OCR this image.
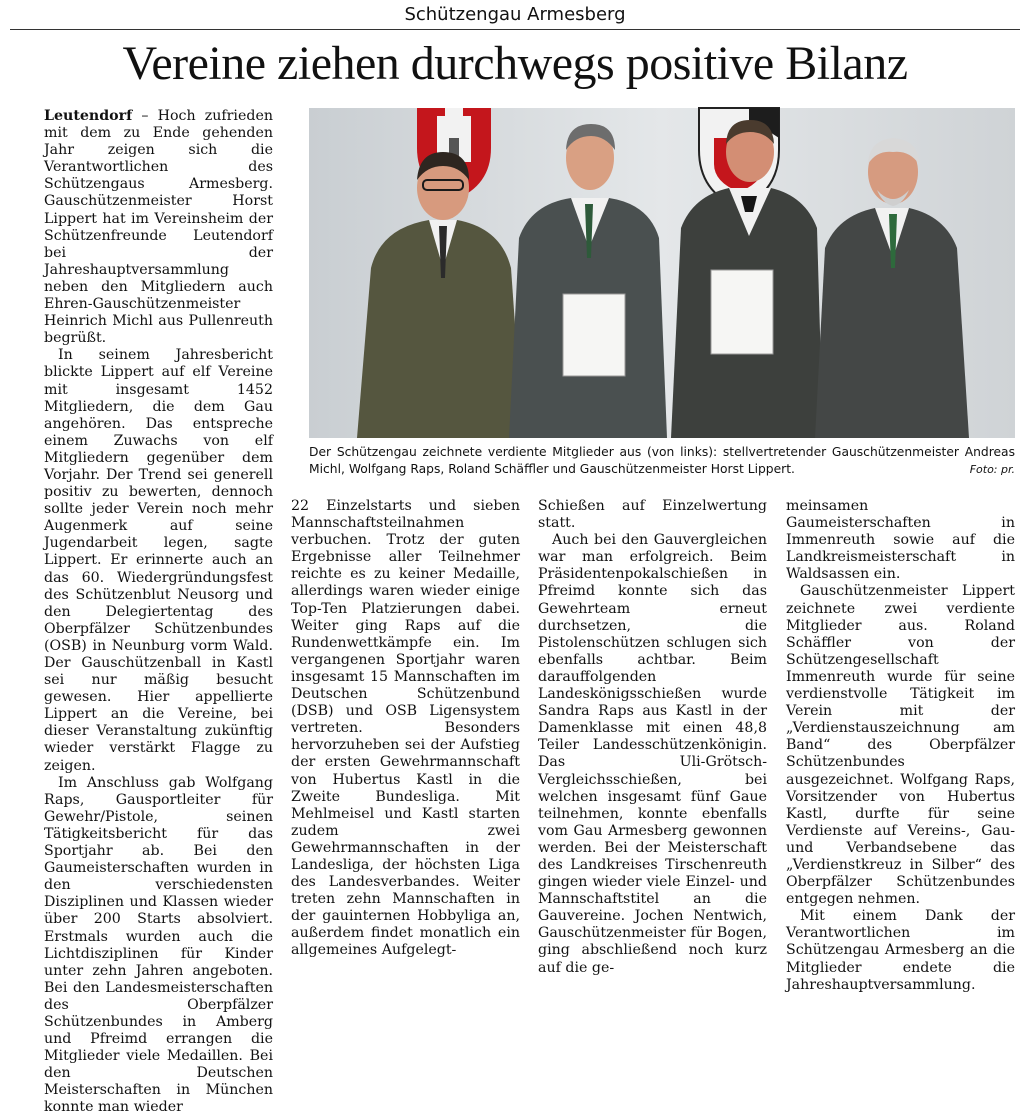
Schützengau Armesberg
Vereine ziehen durchwegs positive Bilanz

Leutendorf – Hoch zufrieden mit dem zu Ende gehenden Jahr zeigen sich die Verantwortlichen des Schützengaus Armesberg. Gauschützenmeister Horst Lippert hat im Vereinsheim der Schützenfreunde Leutendorf bei der Jahreshauptversammlung neben den Mitgliedern auch Ehren-Gauschützenmeister Heinrich Michl aus Pullenreuth begrüßt.

In seinem Jahresbericht blickte Lippert auf elf Vereine mit insgesamt 1452 Mitgliedern, die dem Gau angehören. Das entspreche einem Zuwachs von elf Mitgliedern gegenüber dem Vorjahr. Der Trend sei generell positiv zu bewerten, dennoch sollte jeder Verein noch mehr Augenmerk auf seine Jugendarbeit legen, sagte Lippert. Er erinnerte auch an das 60. Wiedergründungsfest des Schützenblut Neusorg und den Delegiertentag des Oberpfälzer Schützenbundes (OSB) in Neunburg vorm Wald. Der Gauschützenball in Kastl sei nur mäßig besucht gewesen. Hier appellierte Lippert an die Vereine, bei dieser Veranstaltung zukünftig wieder verstärkt Flagge zu zeigen.

Im Anschluss gab Wolfgang Raps, Gausportleiter für Gewehr/Pistole, seinen Tätigkeitsbericht für das Sportjahr ab. Bei den Gaumeisterschaften wurden in den verschiedensten Disziplinen und Klassen wieder über 200 Starts absolviert. Erstmals wurden auch die Lichtdisziplinen für Kinder unter zehn Jahren angeboten. Bei den Landesmeisterschaften des Oberpfälzer Schützenbundes in Amberg und Pfreimd errangen die Mitglieder viele Medaillen. Bei den Deutschen Meisterschaften in München konnte man wieder

Der Schützengau zeichnete verdiente Mitglieder aus (von links): stellvertretender Gauschützenmeister Andreas Michl, Wolfgang Raps, Roland Schäffler und Gauschützenmeister Horst Lippert.	Foto: pr.

22 Einzelstarts und sieben Mannschaftsteilnahmen verbuchen. Trotz der guten Ergebnisse aller Teilnehmer reichte es zu keiner Medaille, allerdings waren wieder einige Top-Ten Platzierungen dabei. Weiter ging Raps auf die Rundenwettkämpfe ein. Im vergangenen Sportjahr waren insgesamt 15 Mannschaften im Deutschen Schützenbund (DSB) und OSB Ligensystem vertreten. Besonders hervorzuheben sei der Aufstieg der ersten Gewehrmannschaft von Hubertus Kastl in die Zweite Bundesliga. Mit Mehlmeisel und Kastl starten zudem zwei Gewehrmannschaften in der Landesliga, der höchsten Liga des Landesverbandes. Weiter treten zehn Mannschaften in der gauinternen Hobbyliga an, außerdem findet monatlich ein allgemeines Aufgelegt-

Schießen auf Einzelwertung statt.

Auch bei den Gauvergleichen war man erfolgreich. Beim Präsidentenpokalschießen in Pfreimd konnte sich das Gewehrteam erneut durchsetzen, die Pistolenschützen schlugen sich ebenfalls achtbar. Beim darauffolgenden Landeskönigsschießen wurde Sandra Raps aus Kastl in der Damenklasse mit einen 48,8 Teiler Landesschützenkönigin. Das Uli-Grötsch-Vergleichsschießen, bei welchen insgesamt fünf Gaue teilnehmen, konnte ebenfalls vom Gau Armesberg gewonnen werden. Bei der Meisterschaft des Landkreises Tirschenreuth gingen wieder viele Einzel- und Mannschaftstitel an die Gauvereine. Jochen Nentwich, Gauschützenmeister für Bogen, ging abschließend noch kurz auf die ge-

meinsamen Gaumeisterschaften in Immenreuth sowie auf die Landkreismeisterschaft in Waldsassen ein.

Gauschützenmeister Lippert zeichnete zwei verdiente Mitglieder aus. Roland Schäffler von der Schützengesellschaft Immenreuth wurde für seine verdienstvolle Tätigkeit im Verein mit der „Verdienstauszeichnung am Band“ des Oberpfälzer Schützenbundes ausgezeichnet. Wolfgang Raps, Vorsitzender von Hubertus Kastl, durfte für seine Verdienste auf Vereins-, Gau- und Verbandsebene das „Verdienstkreuz in Silber“ des Oberpfälzer Schützenbundes entgegen nehmen.

Mit einem Dank der Verantwortlichen im Schützengau Armesberg an die Mitglieder endete die Jahreshauptversammlung.
